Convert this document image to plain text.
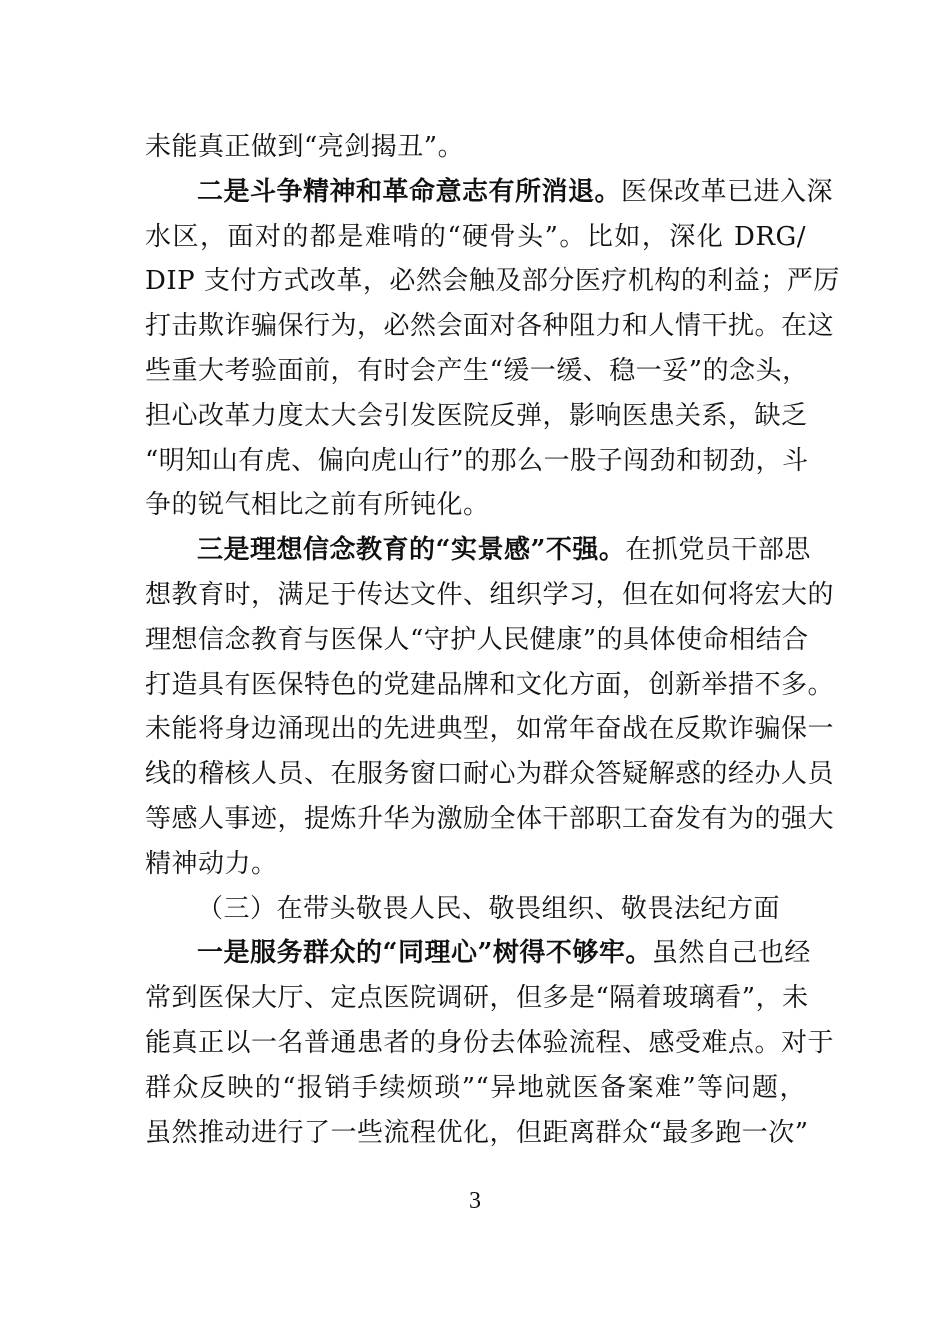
未能真正做到“亮剑揭丑”。
二是斗争精神和革命意志有所消退。医保改革已进入深
水区，面对的都是难啃的“硬骨头”。比如，深化 DRG/
DIP 支付方式改革，必然会触及部分医疗机构的利益；严厉
打击欺诈骗保行为，必然会面对各种阻力和人情干扰。在这
些重大考验面前，有时会产生“缓一缓、稳一妥”的念头，
担心改革力度太大会引发医院反弹，影响医患关系，缺乏
“明知山有虎、偏向虎山行”的那么一股子闯劲和韧劲，斗
争的锐气相比之前有所钝化。
三是理想信念教育的“实景感”不强。在抓党员干部思
想教育时，满足于传达文件、组织学习，但在如何将宏大的
理想信念教育与医保人“守护人民健康”的具体使命相结合
打造具有医保特色的党建品牌和文化方面，创新举措不多。
未能将身边涌现出的先进典型，如常年奋战在反欺诈骗保一
线的稽核人员、在服务窗口耐心为群众答疑解惑的经办人员
等感人事迹，提炼升华为激励全体干部职工奋发有为的强大
精神动力。
（三）在带头敬畏人民、敬畏组织、敬畏法纪方面
一是服务群众的“同理心”树得不够牢。虽然自己也经
常到医保大厅、定点医院调研，但多是“隔着玻璃看”，未
能真正以一名普通患者的身份去体验流程、感受难点。对于
群众反映的“报销手续烦琐”“异地就医备案难”等问题，
虽然推动进行了一些流程优化，但距离群众“最多跑一次”
3
